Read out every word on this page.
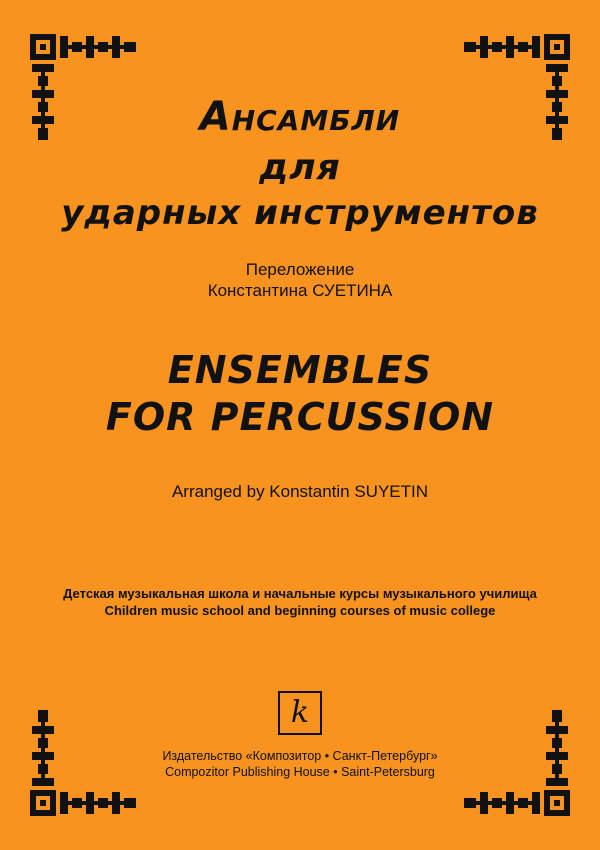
Ансамбли
для
ударных инструментов
Переложение
Константина СУЕТИНА
ENSEMBLES
FOR PERCUSSION
Arranged by Konstantin SUYETIN
Детская музыкальная школа и начальные курсы музыкального училища
Children music school and beginning courses of music college
k
Издательство «Композитор • Санкт-Петербург»
Compozitor Publishing House • Saint-Petersburg
